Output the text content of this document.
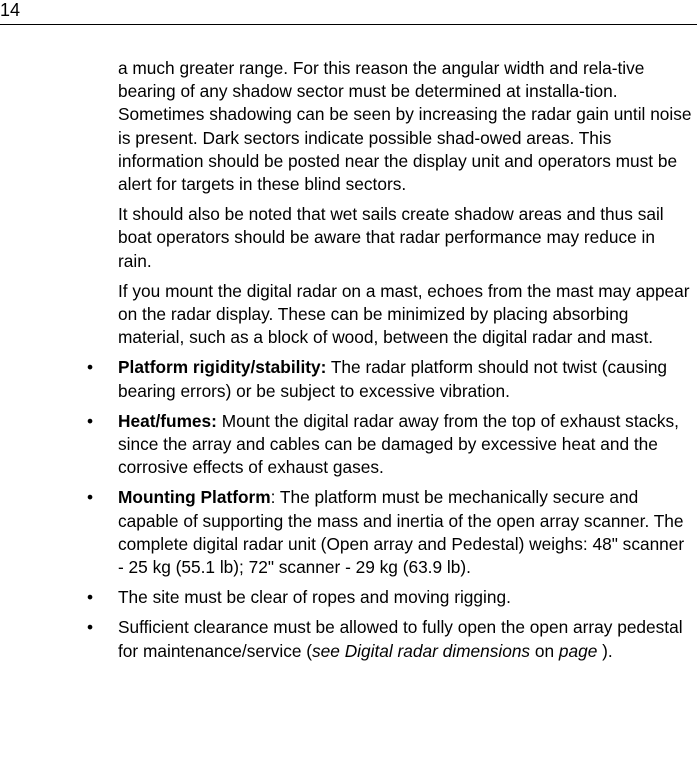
14

a much greater range. For this reason the angular width and rela-tive bearing of any shadow sector must be determined at installa-tion. Sometimes shadowing can be seen by increasing the radar gain until noise is present. Dark sectors indicate possible shad-owed areas. This information should be posted near the display unit and operators must be alert for targets in these blind sectors.

It should also be noted that wet sails create shadow areas and thus sail boat operators should be aware that radar performance may reduce in rain.

If you mount the digital radar on a mast, echoes from the mast may appear on the radar display. These can be minimized by placing absorbing material, such as a block of wood, between the digital radar and mast.

• Platform rigidity/stability: The radar platform should not twist (causing bearing errors) or be subject to excessive vibration.
• Heat/fumes: Mount the digital radar away from the top of exhaust stacks, since the array and cables can be damaged by excessive heat and the corrosive effects of exhaust gases.
• Mounting Platform: The platform must be mechanically secure and capable of supporting the mass and inertia of the open array scanner. The complete digital radar unit (Open array and Pedestal) weighs: 48" scanner - 25 kg (55.1 lb); 72" scanner - 29 kg (63.9 lb).
• The site must be clear of ropes and moving rigging.
• Sufficient clearance must be allowed to fully open the open array pedestal for maintenance/service (see Digital radar dimensions on page ).
